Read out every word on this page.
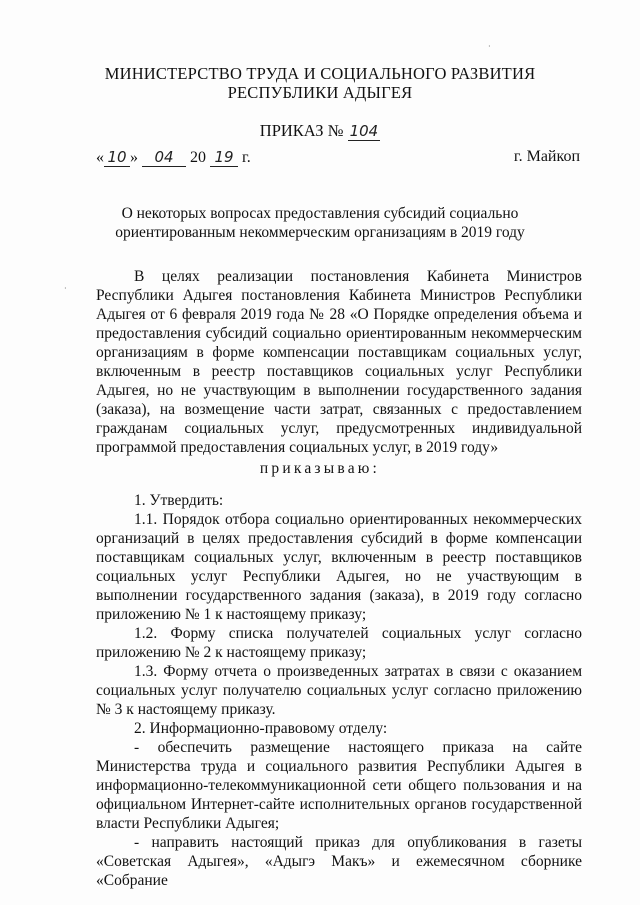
МИНИСТЕРСТВО ТРУДА И СОЦИАЛЬНОГО РАЗВИТИЯ
РЕСПУБЛИКИ АДЫГЕЯ
ПРИКАЗ № 104
« 10 » 04 20 19 г.	г. Майкоп
О некоторых вопросах предоставления субсидий социально
ориентированным некоммерческим организациям в 2019 году

В целях реализации постановления Кабинета Министров Республики Адыгея постановления Кабинета Министров Республики Адыгея от 6 февраля 2019 года № 28 «О Порядке определения объема и предоставления субсидий социально ориентированным некоммерческим организациям в форме компенсации поставщикам социальных услуг, включенным в реестр поставщиков социальных услуг Республики Адыгея, но не участвующим в выполнении государственного задания (заказа), на возмещение части затрат, связанных с предоставлением гражданам социальных услуг, предусмотренных индивидуальной программой предоставления социальных услуг, в 2019 году»

приказываю:

1. Утвердить:

1.1. Порядок отбора социально ориентированных некоммерческих организаций в целях предоставления субсидий в форме компенсации поставщикам социальных услуг, включенным в реестр поставщиков социальных услуг Республики Адыгея, но не участвующим в выполнении государственного задания (заказа), в 2019 году согласно приложению № 1 к настоящему приказу;

1.2. Форму списка получателей социальных услуг согласно приложению № 2 к настоящему приказу;

1.3. Форму отчета о произведенных затратах в связи с оказанием социальных услуг получателю социальных услуг согласно приложению № 3 к настоящему приказу.

2. Информационно-правовому отделу:

- обеспечить размещение настоящего приказа на сайте Министерства труда и социального развития Республики Адыгея в информационно-телекоммуникационной сети общего пользования и на официальном Интернет-сайте исполнительных органов государственной власти Республики Адыгея;

- направить настоящий приказ для опубликования в газеты «Советская Адыгея», «Адыгэ Макъ» и ежемесячном сборнике «Собрание

·
·
